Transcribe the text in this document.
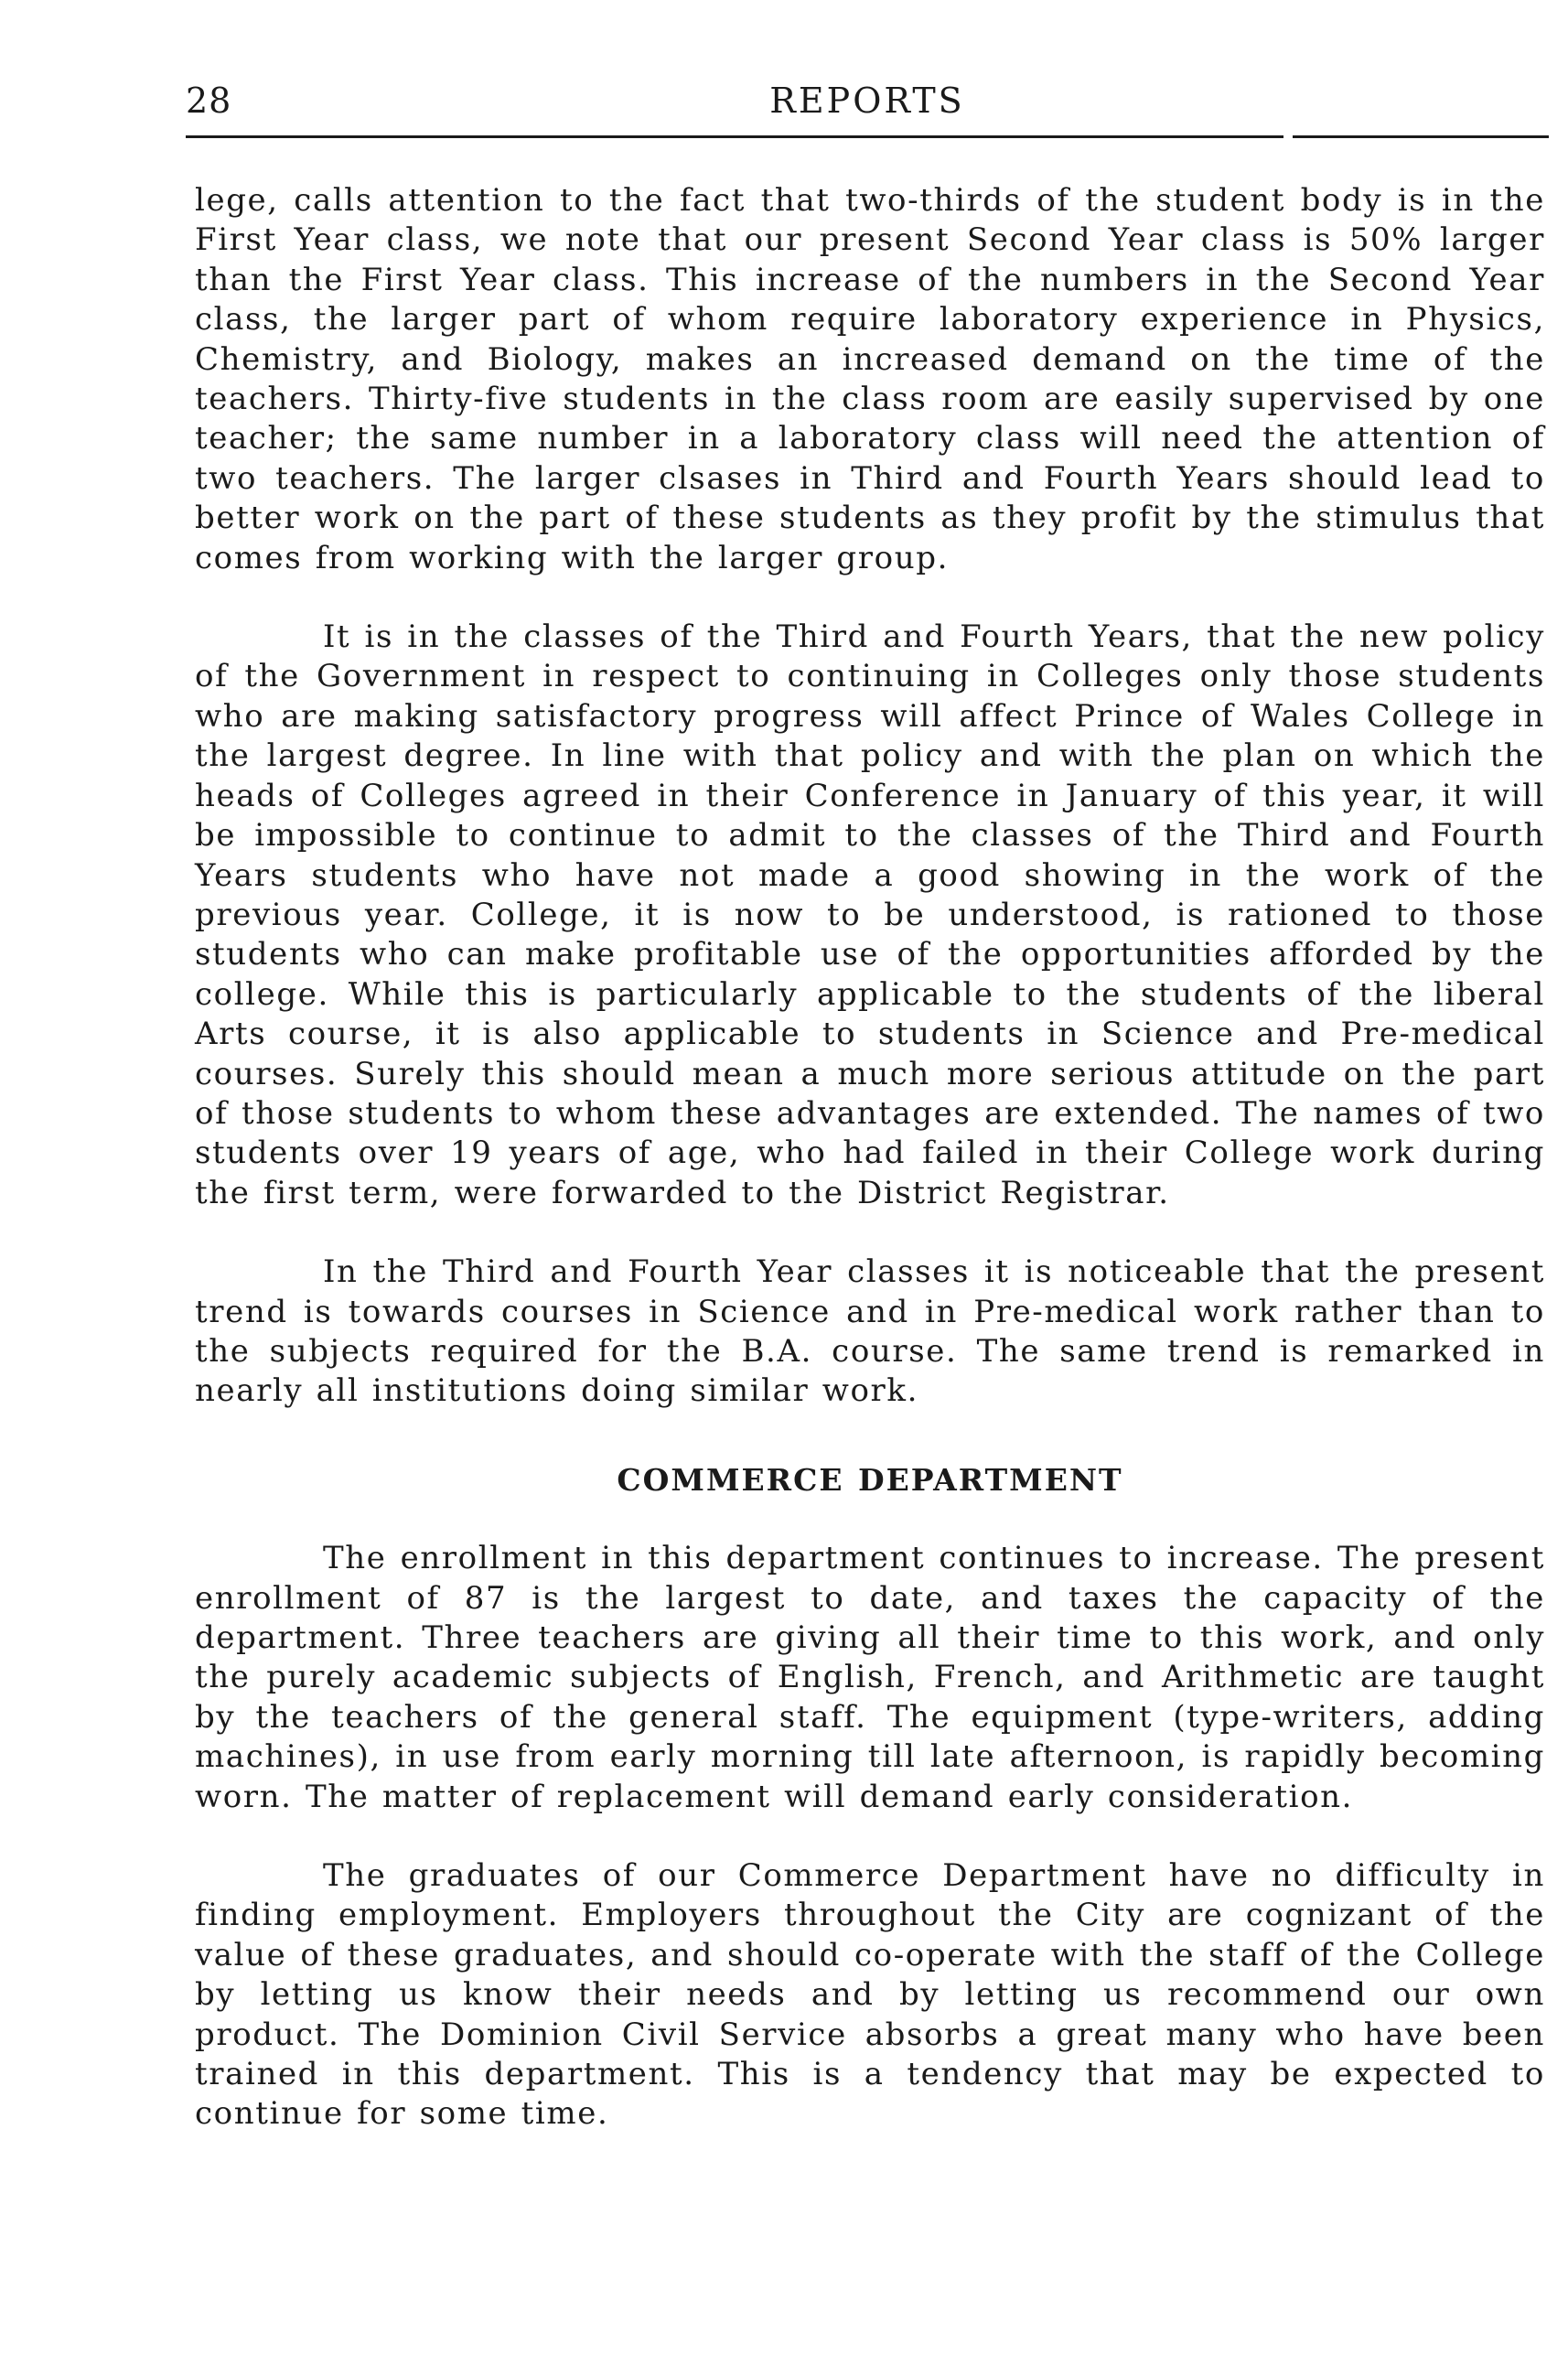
28	REPORTS

lege, calls attention to the fact that two-thirds of the student body is in the First Year class, we note that our present Second Year class is 50% larger than the First Year class. This increase of the numbers in the Second Year class, the larger part of whom require laboratory experience in Physics, Chemistry, and Biology, makes an increased demand on the time of the teachers. Thirty-five students in the class room are easily supervised by one teacher; the same number in a laboratory class will need the attention of two teachers. The larger clsases in Third and Fourth Years should lead to better work on the part of these students as they profit by the stimulus that comes from working with the larger group.

It is in the classes of the Third and Fourth Years, that the new policy of the Government in respect to continuing in Colleges only those students who are making satisfactory progress will affect Prince of Wales College in the largest degree. In line with that policy and with the plan on which the heads of Colleges agreed in their Conference in January of this year, it will be impossible to continue to admit to the classes of the Third and Fourth Years students who have not made a good showing in the work of the previous year. College, it is now to be understood, is rationed to those students who can make profitable use of the opportunities afforded by the college. While this is particularly applicable to the students of the liberal Arts course, it is also applicable to students in Science and Pre-medical courses. Surely this should mean a much more serious attitude on the part of those students to whom these advantages are extended. The names of two students over 19 years of age, who had failed in their College work during the first term, were forwarded to the District Registrar.

In the Third and Fourth Year classes it is noticeable that the present trend is towards courses in Science and in Pre-medical work rather than to the subjects required for the B.A. course. The same trend is remarked in nearly all institutions doing similar work.

COMMERCE DEPARTMENT

The enrollment in this department continues to increase. The present enrollment of 87 is the largest to date, and taxes the capacity of the department. Three teachers are giving all their time to this work, and only the purely academic subjects of English, French, and Arithmetic are taught by the teachers of the general staff. The equipment (type-writers, adding machines), in use from early morning till late afternoon, is rapidly becoming worn. The matter of replacement will demand early consideration.

The graduates of our Commerce Department have no difficulty in finding employment. Employers throughout the City are cognizant of the value of these graduates, and should co-operate with the staff of the College by letting us know their needs and by letting us recommend our own product. The Dominion Civil Service absorbs a great many who have been trained in this department. This is a tendency that may be expected to continue for some time.
